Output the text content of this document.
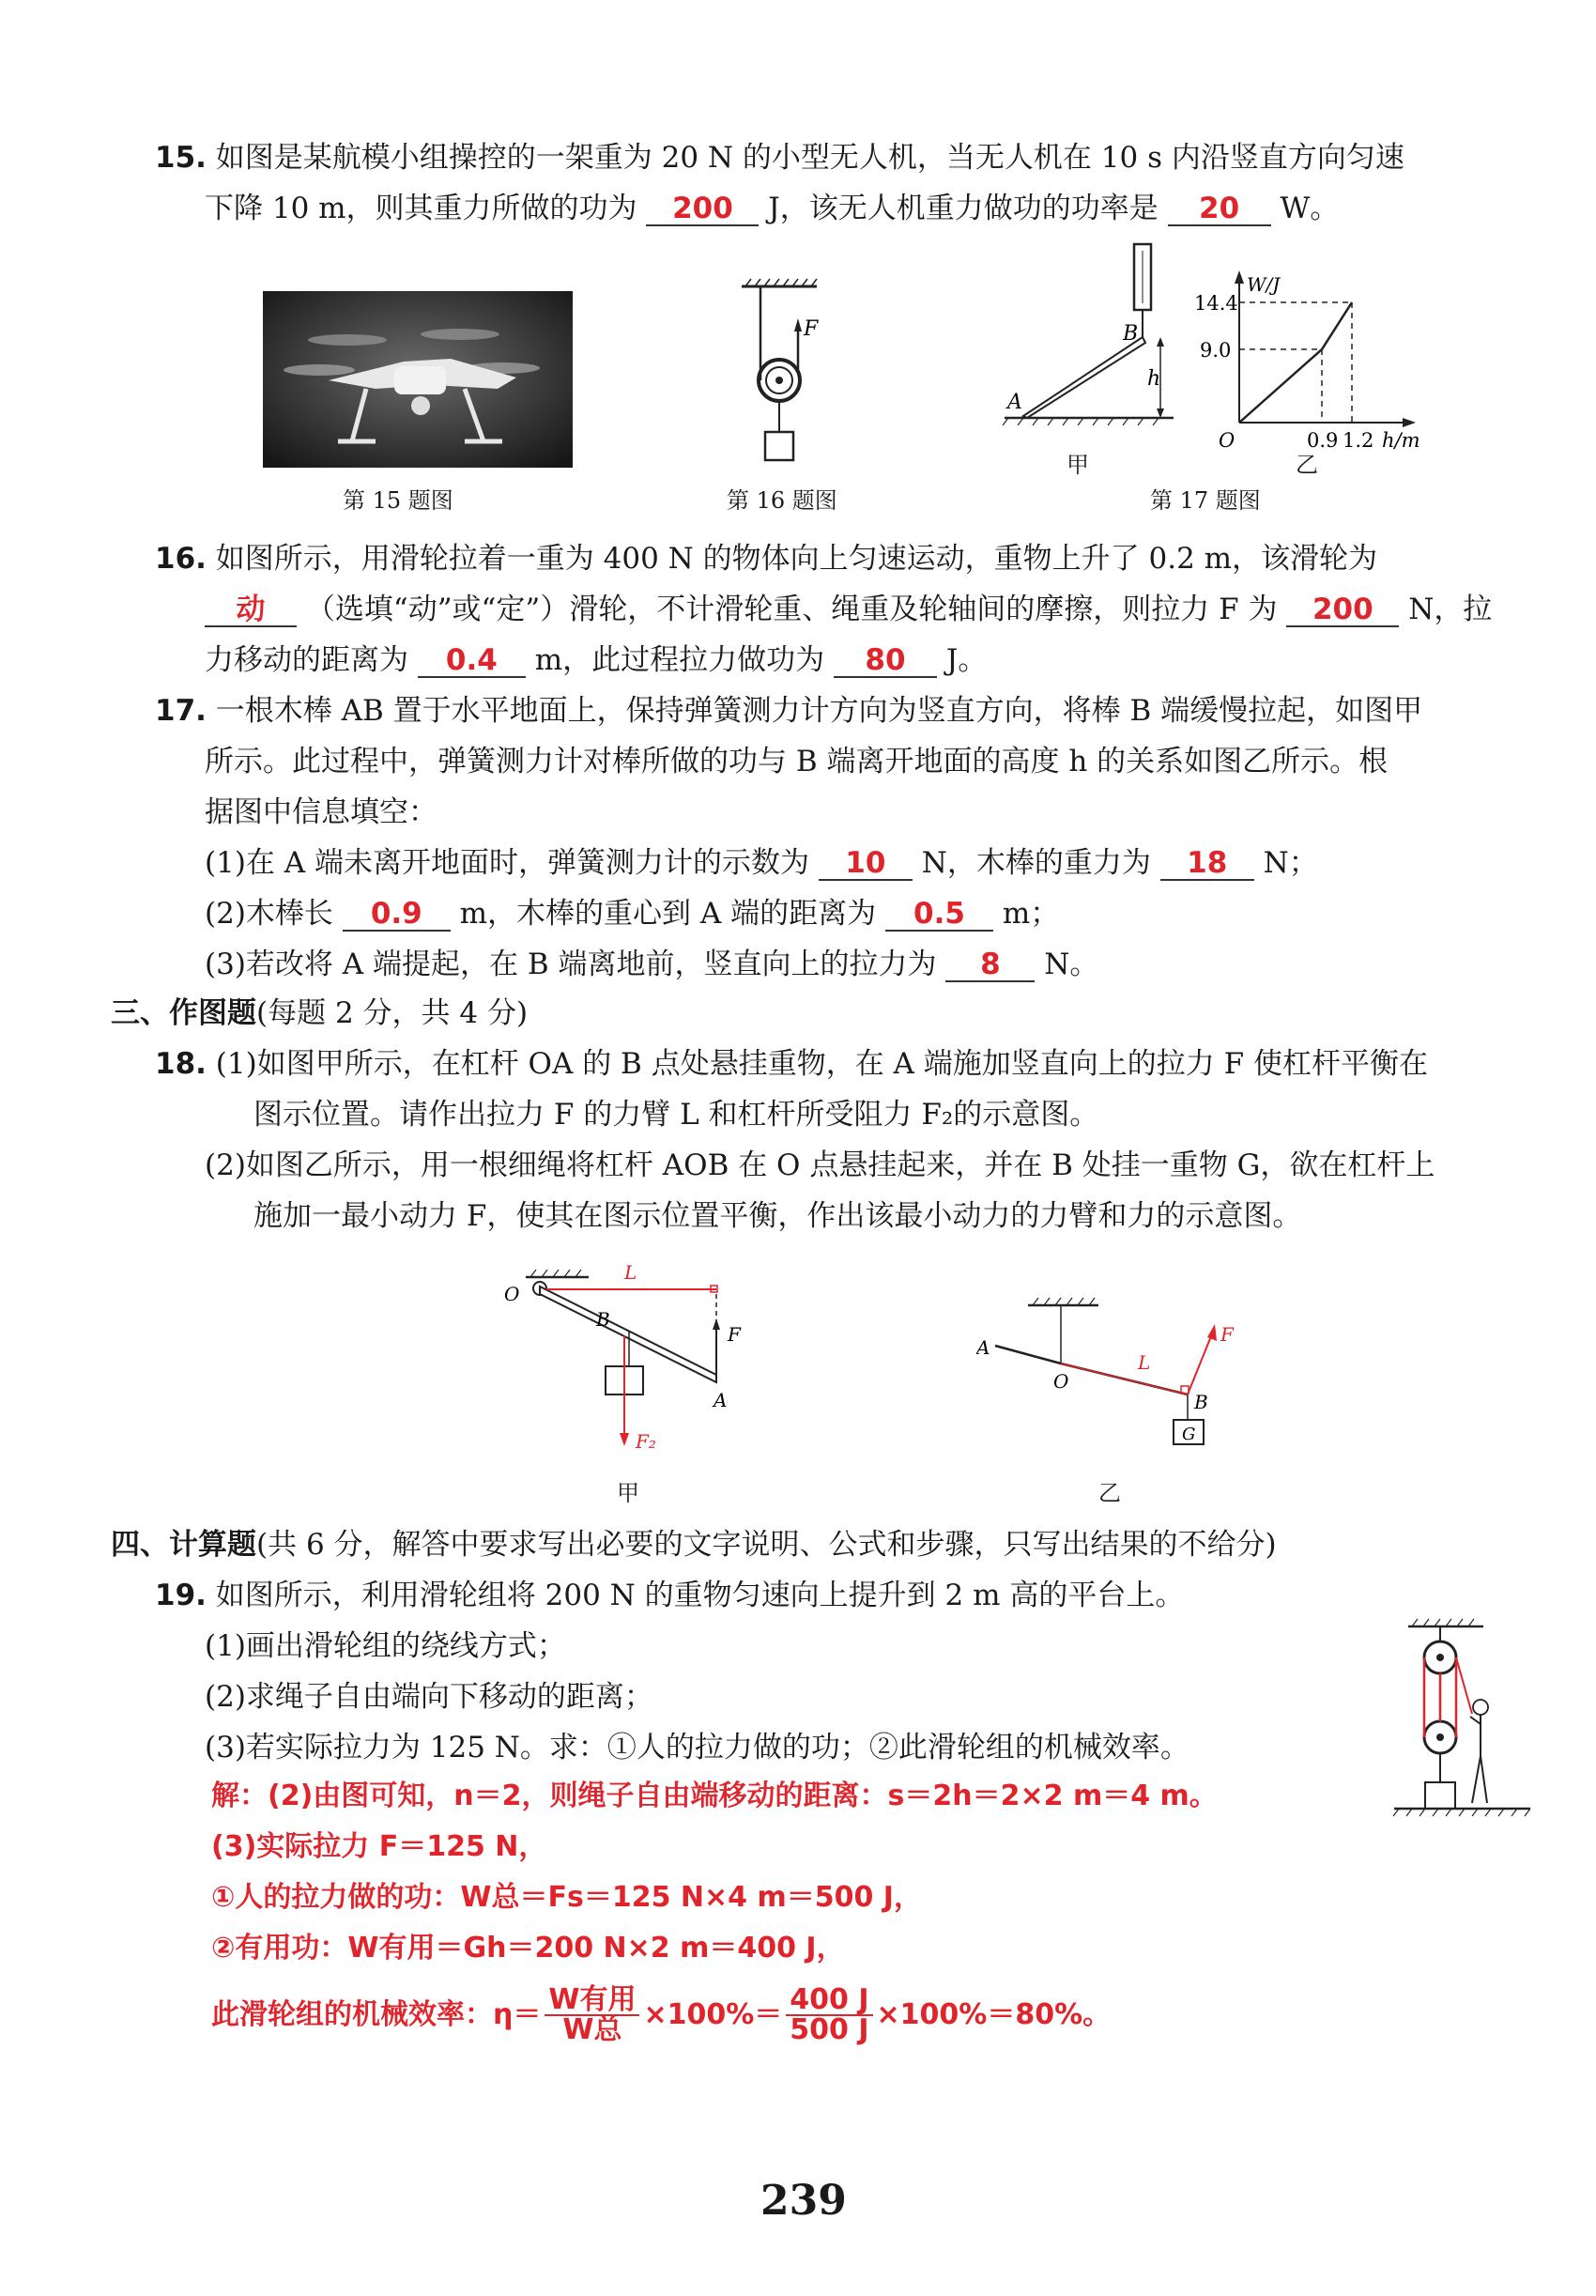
15. 如图是某航模小组操控的一架重为 20 N 的小型无人机，当无人机在 10 s 内沿竖直方向匀速
下降 10 m，则其重力所做的功为 200 J，该无人机重力做功的功率是 20 W。
第 15 题图
F
第 16 题图
A
B
h
甲
W/J
14.4
9.0
O	0.9 1.2 h/m
乙
第 17 题图
16. 如图所示，用滑轮拉着一重为 400 N 的物体向上匀速运动，重物上升了 0.2 m，该滑轮为
动 （选填“动”或“定”）滑轮，不计滑轮重、绳重及轮轴间的摩擦，则拉力 F 为 200 N，拉
力移动的距离为 0.4 m，此过程拉力做功为 80 J。
17. 一根木棒 AB 置于水平地面上，保持弹簧测力计方向为竖直方向，将棒 B 端缓慢拉起，如图甲
所示。此过程中，弹簧测力计对棒所做的功与 B 端离开地面的高度 h 的关系如图乙所示。根
据图中信息填空：
(1)在 A 端未离开地面时，弹簧测力计的示数为 10 N，木棒的重力为 18 N；
(2)木棒长 0.9 m，木棒的重心到 A 端的距离为 0.5 m；
(3)若改将 A 端提起，在 B 端离地前，竖直向上的拉力为 8 N。
三、作图题(每题 2 分，共 4 分)
18. (1)如图甲所示，在杠杆 OA 的 B 点处悬挂重物，在 A 端施加竖直向上的拉力 F 使杠杆平衡在
图示位置。请作出拉力 F 的力臂 L 和杠杆所受阻力 F₂的示意图。
(2)如图乙所示，用一根细绳将杠杆 AOB 在 O 点悬挂起来，并在 B 处挂一重物 G，欲在杠杆上
施加一最小动力 F，使其在图示位置平衡，作出该最小动力的力臂和力的示意图。
O
B
A
L
F
F₂
甲
A
O
B
L
F
G
乙
四、计算题(共 6 分，解答中要求写出必要的文字说明、公式和步骤，只写出结果的不给分)
19. 如图所示，利用滑轮组将 200 N 的重物匀速向上提升到 2 m 高的平台上。
(1)画出滑轮组的绕线方式；
(2)求绳子自由端向下移动的距离；
(3)若实际拉力为 125 N。求：①人的拉力做的功；②此滑轮组的机械效率。
解：(2)由图可知，n＝2，则绳子自由端移动的距离：s＝2h＝2×2 m＝4 m。
(3)实际拉力 F＝125 N，
①人的拉力做的功：W总＝Fs＝125 N×4 m＝500 J，
②有用功：W有用＝Gh＝200 N×2 m＝400 J，
此滑轮组的机械效率：$\eta= \frac{\text{W有用}}{\text{W总}} \times 100\%= \frac{400 J}{500 J} \times 100\%=80\%$。
239
